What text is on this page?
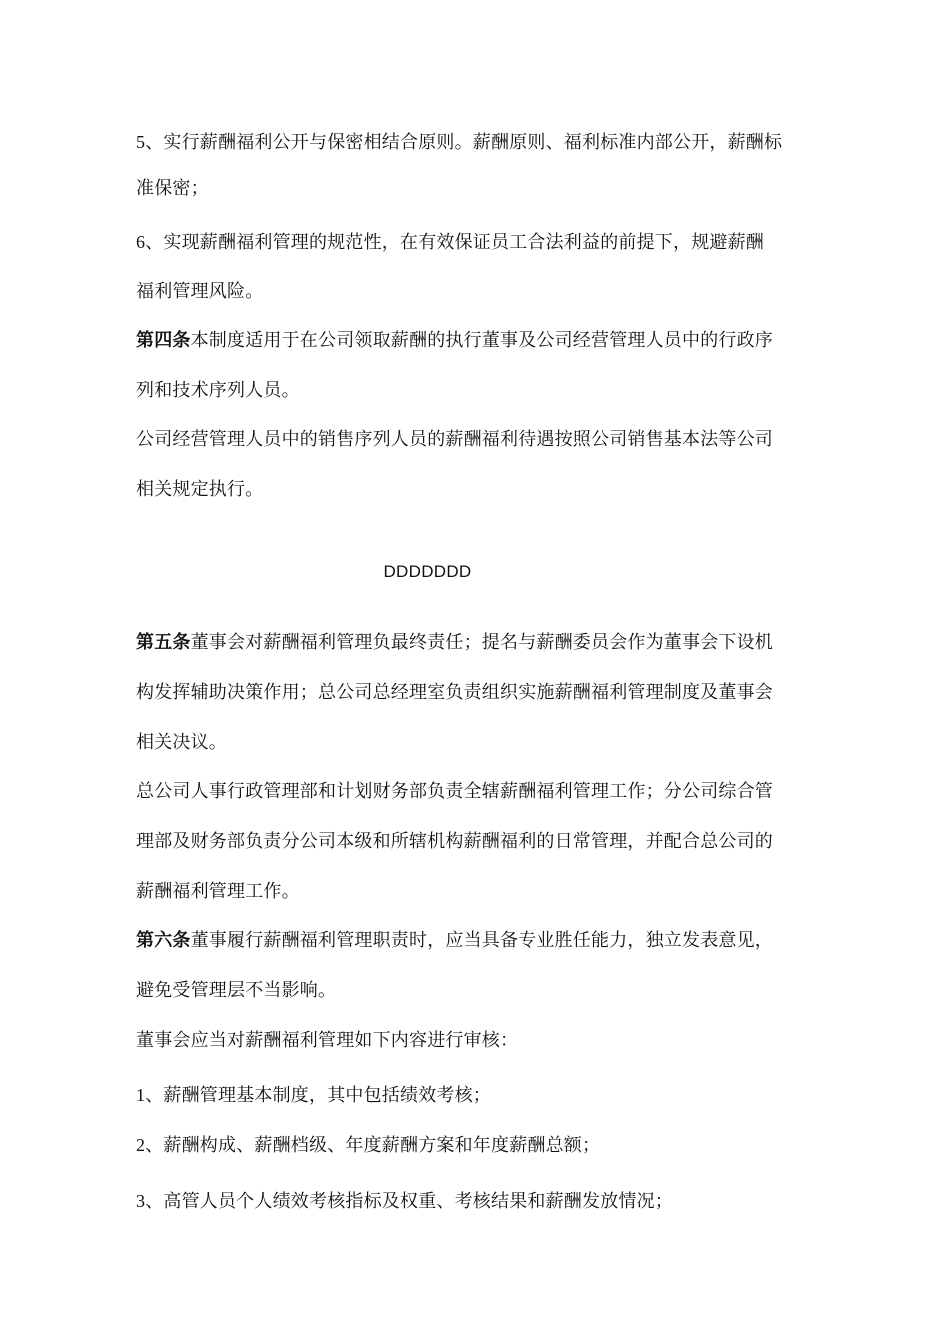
5、实行薪酬福利公开与保密相结合原则。薪酬原则、福利标准内部公开，薪酬标
准保密；
6、实现薪酬福利管理的规范性，在有效保证员工合法利益的前提下，规避薪酬
福利管理风险。
第四条本制度适用于在公司领取薪酬的执行董事及公司经营管理人员中的行政序
列和技术序列人员。
公司经营管理人员中的销售序列人员的薪酬福利待遇按照公司销售基本法等公司
相关规定执行。
DDDDDDD
第五条董事会对薪酬福利管理负最终责任；提名与薪酬委员会作为董事会下设机
构发挥辅助决策作用；总公司总经理室负责组织实施薪酬福利管理制度及董事会
相关决议。
总公司人事行政管理部和计划财务部负责全辖薪酬福利管理工作；分公司综合管
理部及财务部负责分公司本级和所辖机构薪酬福利的日常管理，并配合总公司的
薪酬福利管理工作。
第六条董事履行薪酬福利管理职责时，应当具备专业胜任能力，独立发表意见，
避免受管理层不当影响。
董事会应当对薪酬福利管理如下内容进行审核：
1、薪酬管理基本制度，其中包括绩效考核；
2、薪酬构成、薪酬档级、年度薪酬方案和年度薪酬总额；
3、高管人员个人绩效考核指标及权重、考核结果和薪酬发放情况；
